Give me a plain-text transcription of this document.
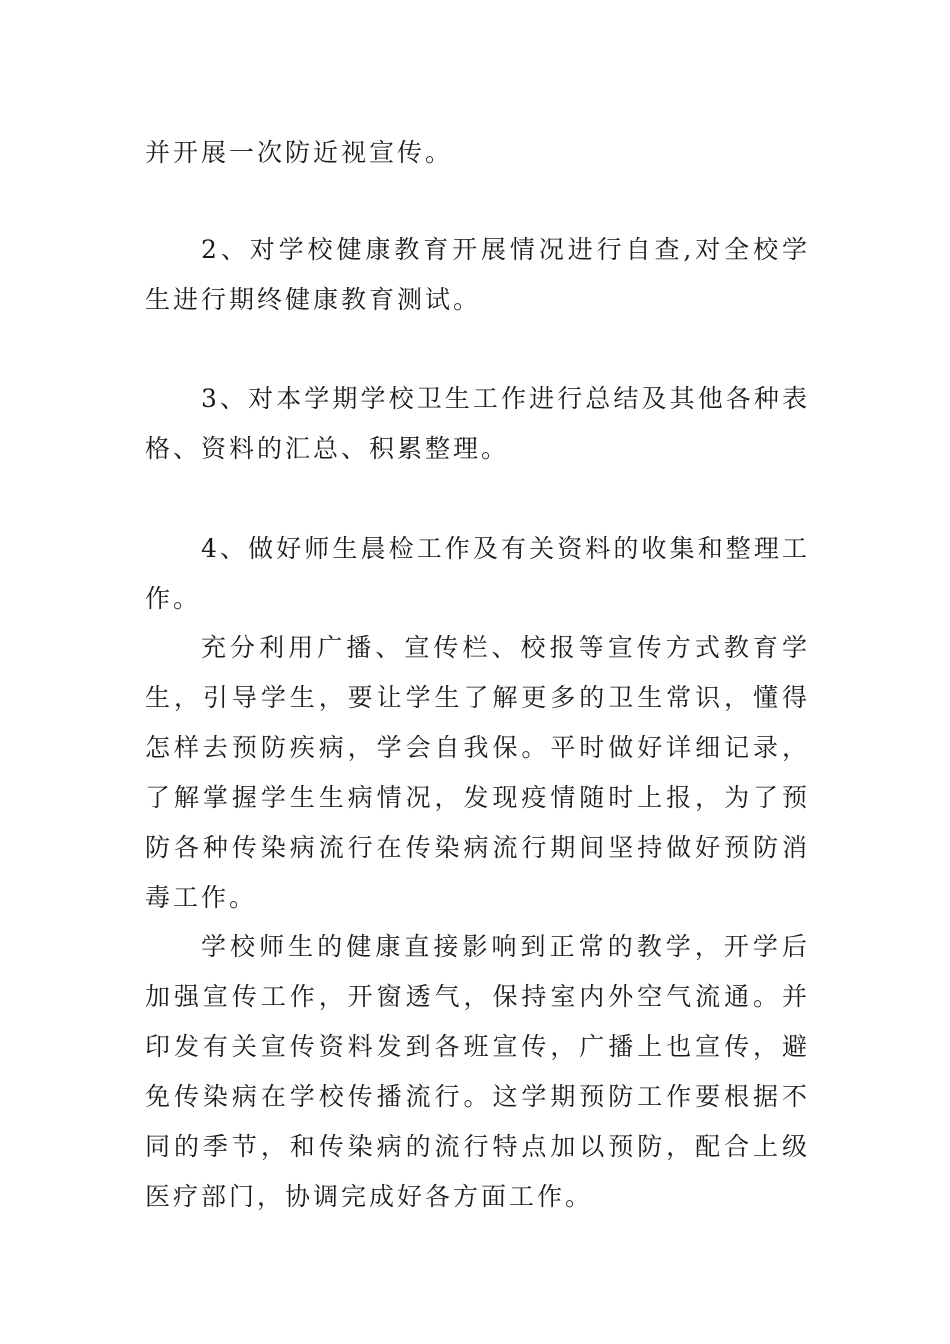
并开展一次防近视宣传。

2、对学校健康教育开展情况进行自查,对全校学生进行期终健康教育测试。

3、对本学期学校卫生工作进行总结及其他各种表格、资料的汇总、积累整理。

4、做好师生晨检工作及有关资料的收集和整理工作。

充分利用广播、宣传栏、校报等宣传方式教育学生，引导学生，要让学生了解更多的卫生常识，懂得怎样去预防疾病，学会自我保。平时做好详细记录，了解掌握学生生病情况，发现疫情随时上报，为了预防各种传染病流行在传染病流行期间坚持做好预防消毒工作。

学校师生的健康直接影响到正常的教学，开学后加强宣传工作，开窗透气，保持室内外空气流通。并印发有关宣传资料发到各班宣传，广播上也宣传，避免传染病在学校传播流行。这学期预防工作要根据不同的季节，和传染病的流行特点加以预防，配合上级医疗部门，协调完成好各方面工作。
